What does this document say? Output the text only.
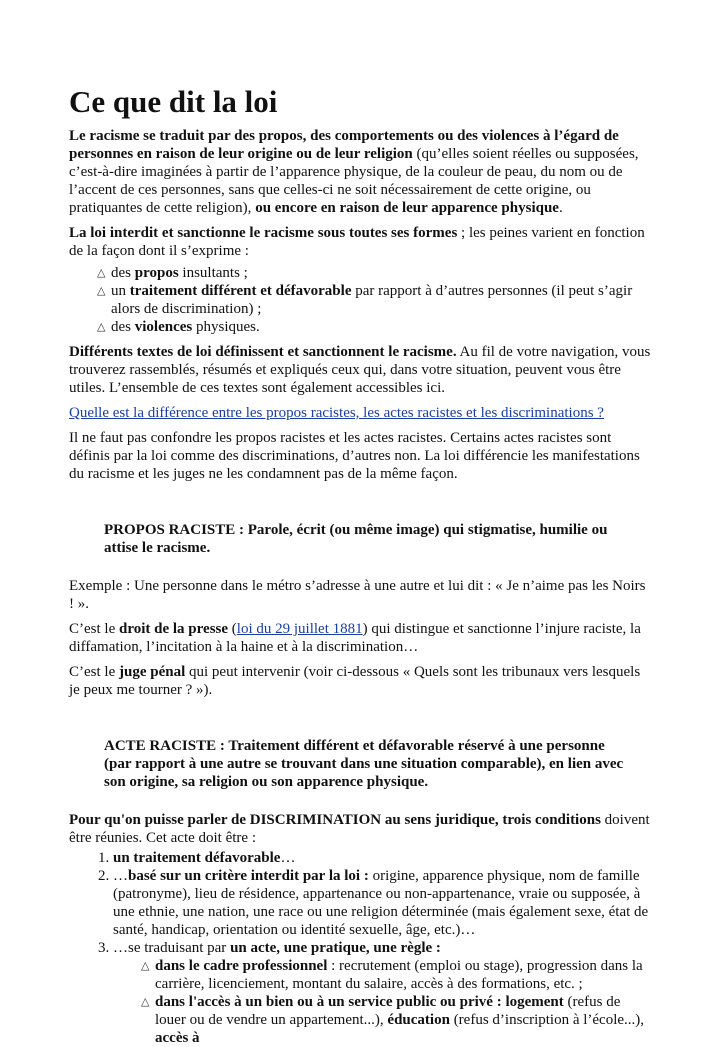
Ce que dit la loi

Le racisme se traduit par des propos, des comportements ou des violences à l’égard de personnes en raison de leur origine ou de leur religion (qu’elles soient réelles ou supposées, c’est-à-dire imaginées à partir de l’apparence physique, de la couleur de peau, du nom ou de l’accent de ces personnes, sans que celles-ci ne soit nécessairement de cette origine, ou pratiquantes de cette religion), ou encore en raison de leur apparence physique.

La loi interdit et sanctionne le racisme sous toutes ses formes ; les peines varient en fonction de la façon dont il s’exprime :

△ des propos insultants ;
△ un traitement différent et défavorable par rapport à d’autres personnes (il peut s’agir alors de discrimination) ;
△ des violences physiques.

Différents textes de loi définissent et sanctionnent le racisme. Au fil de votre navigation, vous trouverez rassemblés, résumés et expliqués ceux qui, dans votre situation, peuvent vous être utiles. L’ensemble de ces textes sont également accessibles ici.

Quelle est la différence entre les propos racistes, les actes racistes et les discriminations ?

Il ne faut pas confondre les propos racistes et les actes racistes. Certains actes racistes sont définis par la loi comme des discriminations, d’autres non. La loi différencie les manifestations du racisme et les juges ne les condamnent pas de la même façon.

PROPOS RACISTE : Parole, écrit (ou même image) qui stigmatise, humilie ou attise le racisme.

Exemple : Une personne dans le métro s’adresse à une autre et lui dit : « Je n’aime pas les Noirs ! ».

C’est le droit de la presse (loi du 29 juillet 1881) qui distingue et sanctionne l’injure raciste, la diffamation, l’incitation à la haine et à la discrimination…

C’est le juge pénal qui peut intervenir (voir ci-dessous « Quels sont les tribunaux vers lesquels je peux me tourner ? »).

ACTE RACISTE : Traitement différent et défavorable réservé à une personne (par rapport à une autre se trouvant dans une situation comparable), en lien avec son origine, sa religion ou son apparence physique.

Pour qu'on puisse parler de DISCRIMINATION au sens juridique, trois conditions doivent être réunies. Cet acte doit être :

1. un traitement défavorable…
2. …basé sur un critère interdit par la loi : origine, apparence physique, nom de famille (patronyme), lieu de résidence, appartenance ou non-appartenance, vraie ou supposée, à une ethnie, une nation, une race ou une religion déterminée (mais également sexe, état de santé, handicap, orientation ou identité sexuelle, âge, etc.)…
3. …se traduisant par un acte, une pratique, une règle :
△ dans le cadre professionnel : recrutement (emploi ou stage), progression dans la carrière, licenciement, montant du salaire, accès à des formations, etc. ;
△ dans l'accès à un bien ou à un service public ou privé : logement (refus de louer ou de vendre un appartement...), éducation (refus d’inscription à l’école...), accès à
